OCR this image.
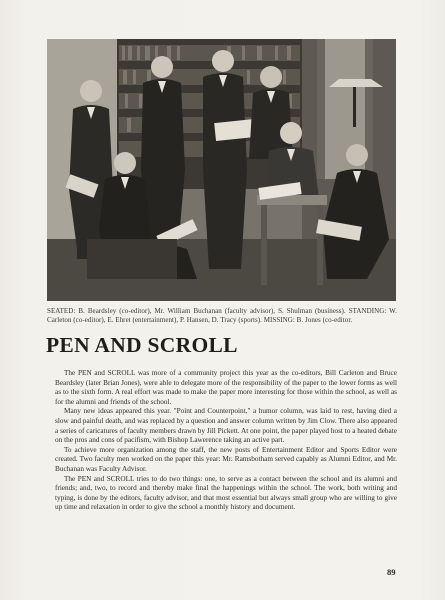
SEATED: B. Beardsley (co-editor), Mr. William Buchanan (faculty advisor), S. Shulman (business). STANDING: W. Carleton (co-editor), E. Ehret (entertainment), P. Hansen, D. Tracy (sports). MISSING: B. Jones (co-editor.
PEN AND SCROLL

The PEN and SCROLL was more of a community project this year as the co-editors, Bill Carleton and Bruce Beardsley (later Brian Jones), were able to delegate more of the responsibility of the paper to the lower forms as well as to the sixth form. A real effort was made to make the paper more interesting for those within the school, as well as for the alumni and friends of the school.

Many new ideas appeared this year. "Point and Counterpoint," a humor column, was laid to rest, having died a slow and painful death, and was replaced by a question and answer column written by Jim Clow. There also appeared a series of caricatures of faculty members drawn by Jill Pickett. At one point, the paper played host to a heated debate on the pros and cons of pacifism, with Bishop Lawerence taking an active part.

To achieve more organization among the staff, the new posts of Entertainment Editor and Sports Editor were created. Two faculty men worked on the paper this year: Mr. Ramsbotham served capably as Alumni Editor, and Mr. Buchanan was Faculty Advisor.

The PEN and SCROLL tries to do two things: one, to serve as a contact between the school and its alumni and friends; and, two, to record and thereby make final the happenings within the school. The work, both writing and typing, is done by the editors, faculty advisor, and that most essential but always small group who are willing to give up time and relaxation in order to give the school a monthly history and document.

89
